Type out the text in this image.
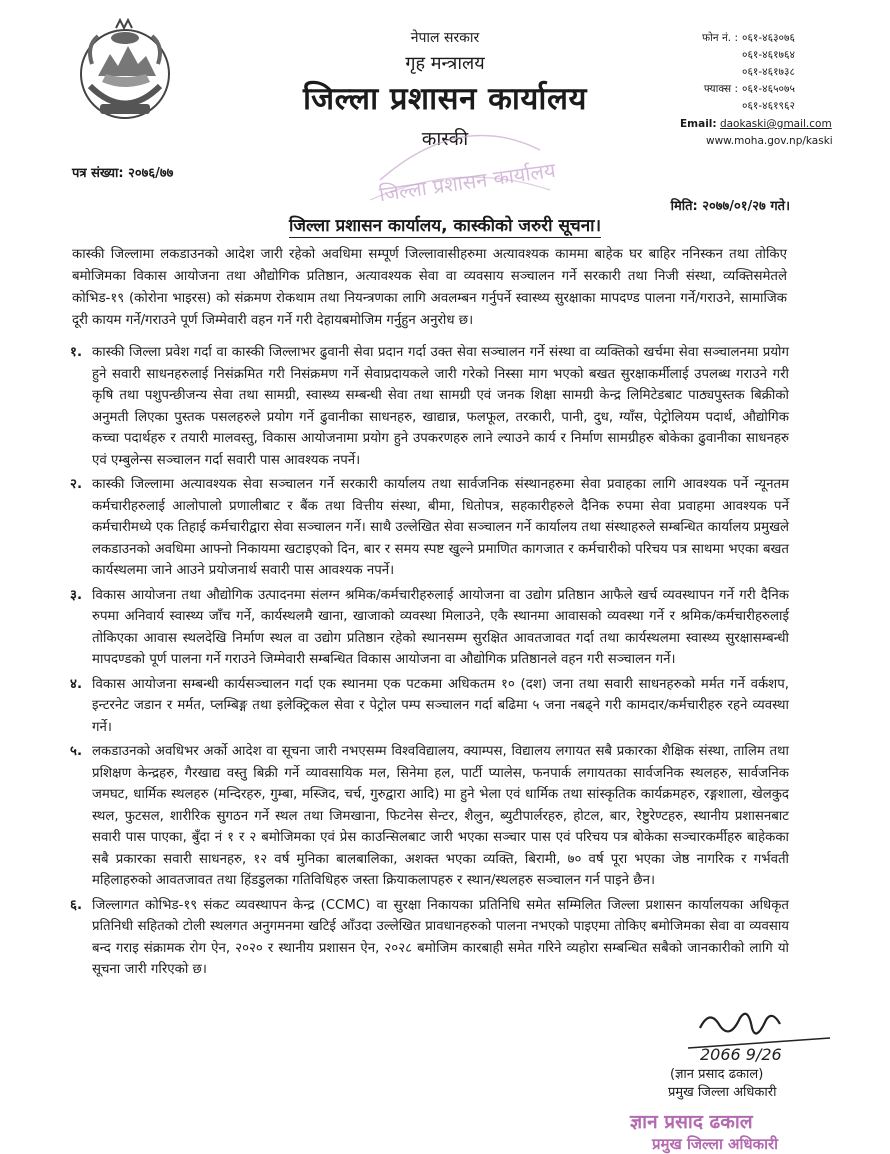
नेपाल सरकार
गृह मन्त्रालय
जिल्ला प्रशासन कार्यालय
कास्की
जिल्ला प्रशासन कार्यालय
फोन नं. : ०६१-४६३०७६
०६१-४६१७६४
०६१-४६१७३८
फ्याक्स : ०६१-४६५०७५
०६१-४६१९६२
Email: daokaski@gmail.com
www.moha.gov.np/kaski
पत्र संख्या: २०७६/७७
मिति: २०७७/०१/२७ गते।
जिल्ला प्रशासन कार्यालय, कास्कीको जरुरी सूचना।
कास्की जिल्लामा लकडाउनको आदेश जारी रहेको अवधिमा सम्पूर्ण जिल्लावासीहरुमा अत्यावश्यक काममा बाहेक घर बाहिर ननिस्कन तथा तोकिए बमोजिमका विकास आयोजना तथा औद्योगिक प्रतिष्ठान, अत्यावश्यक सेवा वा व्यवसाय सञ्चालन गर्ने सरकारी तथा निजी संस्था, व्यक्तिसमेतले कोभिड-१९ (कोरोना भाइरस) को संक्रमण रोकथाम तथा नियन्त्रणका लागि अवलम्बन गर्नुपर्ने स्वास्थ्य सुरक्षाका मापदण्ड पालना गर्ने/गराउने, सामाजिक दूरी कायम गर्ने/गराउने पूर्ण जिम्मेवारी वहन गर्ने गरी देहायबमोजिम गर्नुहुन अनुरोध छ।
१. कास्की जिल्ला प्रवेश गर्दा वा कास्की जिल्लाभर ढुवानी सेवा प्रदान गर्दा उक्त सेवा सञ्चालन गर्ने संस्था वा व्यक्तिको खर्चमा सेवा सञ्चालनमा प्रयोग हुने सवारी साधनहरुलाई निसंक्रमित गरी निसंक्रमण गर्ने सेवाप्रदायकले जारी गरेको निस्सा माग भएको बखत सुरक्षाकर्मीलाई उपलब्ध गराउने गरी कृषि तथा पशुपन्छीजन्य सेवा तथा सामग्री, स्वास्थ्य सम्बन्धी सेवा तथा सामग्री एवं जनक शिक्षा सामग्री केन्द्र लिमिटेडबाट पाठ्यपुस्तक बिक्रीको अनुमती लिएका पुस्तक पसलहरुले प्रयोग गर्ने ढुवानीका साधनहरु, खाद्यान्न, फलफूल, तरकारी, पानी, दुध, ग्याँस, पेट्रोलियम पदार्थ, औद्योगिक कच्चा पदार्थहरु र तयारी मालवस्तु, विकास आयोजनामा प्रयोग हुने उपकरणहरु लाने ल्याउने कार्य र निर्माण सामग्रीहरु बोकेका ढुवानीका साधनहरु एवं एम्बुलेन्स सञ्चालन गर्दा सवारी पास आवश्यक नपर्ने।
२. कास्की जिल्लामा अत्यावश्यक सेवा सञ्चालन गर्ने सरकारी कार्यालय तथा सार्वजनिक संस्थानहरुमा सेवा प्रवाहका लागि आवश्यक पर्ने न्यूनतम कर्मचारीहरुलाई आलोपालो प्रणालीबाट र बैंक तथा वित्तीय संस्था, बीमा, धितोपत्र, सहकारीहरुले दैनिक रुपमा सेवा प्रवाहमा आवश्यक पर्ने कर्मचारीमध्ये एक तिहाई कर्मचारीद्वारा सेवा सञ्चालन गर्ने। साथै उल्लेखित सेवा सञ्चालन गर्ने कार्यालय तथा संस्थाहरुले सम्बन्धित कार्यालय प्रमुखले लकडाउनको अवधिमा आफ्नो निकायमा खटाइएको दिन, बार र समय स्पष्ट खुल्ने प्रमाणित कागजात र कर्मचारीको परिचय पत्र साथमा भएका बखत कार्यस्थलमा जाने आउने प्रयोजनार्थ सवारी पास आवश्यक नपर्ने।
३. विकास आयोजना तथा औद्योगिक उत्पादनमा संलग्न श्रमिक/कर्मचारीहरुलाई आयोजना वा उद्योग प्रतिष्ठान आफैले खर्च व्यवस्थापन गर्ने गरी दैनिक रुपमा अनिवार्य स्वास्थ्य जाँच गर्ने, कार्यस्थलमै खाना, खाजाको व्यवस्था मिलाउने, एकै स्थानमा आवासको व्यवस्था गर्ने र श्रमिक/कर्मचारीहरुलाई तोकिएका आवास स्थलदेखि निर्माण स्थल वा उद्योग प्रतिष्ठान रहेको स्थानसम्म सुरक्षित आवतजावत गर्दा तथा कार्यस्थलमा स्वास्थ्य सुरक्षासम्बन्धी मापदण्डको पूर्ण पालना गर्ने गराउने जिम्मेवारी सम्बन्धित विकास आयोजना वा औद्योगिक प्रतिष्ठानले वहन गरी सञ्चालन गर्ने।
४. विकास आयोजना सम्बन्धी कार्यसञ्चालन गर्दा एक स्थानमा एक पटकमा अधिकतम १० (दश) जना तथा सवारी साधनहरुको मर्मत गर्ने वर्कशप, इन्टरनेट जडान र मर्मत, प्लम्बिङ्ग तथा इलेक्ट्रिकल सेवा र पेट्रोल पम्प सञ्चालन गर्दा बढिमा ५ जना नबढ्ने गरी कामदार/कर्मचारीहरु रहने व्यवस्था गर्ने।
५. लकडाउनको अवधिभर अर्को आदेश वा सूचना जारी नभएसम्म विश्वविद्यालय, क्याम्पस, विद्यालय लगायत सबै प्रकारका शैक्षिक संस्था, तालिम तथा प्रशिक्षण केन्द्रहरु, गैरखाद्य वस्तु बिक्री गर्ने व्यावसायिक मल, सिनेमा हल, पार्टी प्यालेस, फनपार्क लगायतका सार्वजनिक स्थलहरु, सार्वजनिक जमघट, धार्मिक स्थलहरु (मन्दिरहरु, गुम्बा, मस्जिद, चर्च, गुरुद्वारा आदि) मा हुने भेला एवं धार्मिक तथा सांस्कृतिक कार्यक्रमहरु, रङ्गशाला, खेलकुद स्थल, फुटसल, शारीरिक सुगठन गर्ने स्थल तथा जिमखाना, फिटनेस सेन्टर, शैलुन, ब्युटीपार्लरहरु, होटल, बार, रेष्टुरेण्टहरु, स्थानीय प्रशासनबाट सवारी पास पाएका, बुँदा नं १ र २ बमोजिमका एवं प्रेस काउन्सिलबाट जारी भएका सञ्चार पास एवं परिचय पत्र बोकेका सञ्चारकर्मीहरु बाहेकका सबै प्रकारका सवारी साधनहरु, १२ वर्ष मुनिका बालबालिका, अशक्त भएका व्यक्ति, बिरामी, ७० वर्ष पूरा भएका जेष्ठ नागरिक र गर्भवती महिलाहरुको आवतजावत तथा हिंडडुलका गतिविधिहरु जस्ता क्रियाकलापहरु र स्थान/स्थलहरु सञ्चालन गर्न पाइने छैन।
६. जिल्लागत कोभिड-१९ संकट व्यवस्थापन केन्द्र (CCMC) वा सुरक्षा निकायका प्रतिनिधि समेत सम्मिलित जिल्ला प्रशासन कार्यालयका अधिकृत प्रतिनिधी सहितको टोली स्थलगत अनुगमनमा खटिई आँउदा उल्लेखित प्रावधानहरुको पालना नभएको पाइएमा तोकिए बमोजिमका सेवा वा व्यवसाय बन्द गराइ संक्रामक रोग ऐन, २०२० र स्थानीय प्रशासन ऐन, २०२८ बमोजिम कारबाही समेत गरिने व्यहोरा सम्बन्धित सबैको जानकारीको लागि यो सूचना जारी गरिएको छ।
2066 9/26
(ज्ञान प्रसाद ढकाल)
प्रमुख जिल्ला अधिकारी
ज्ञान प्रसाद ढकाल
प्रमुख जिल्ला अधिकारी
